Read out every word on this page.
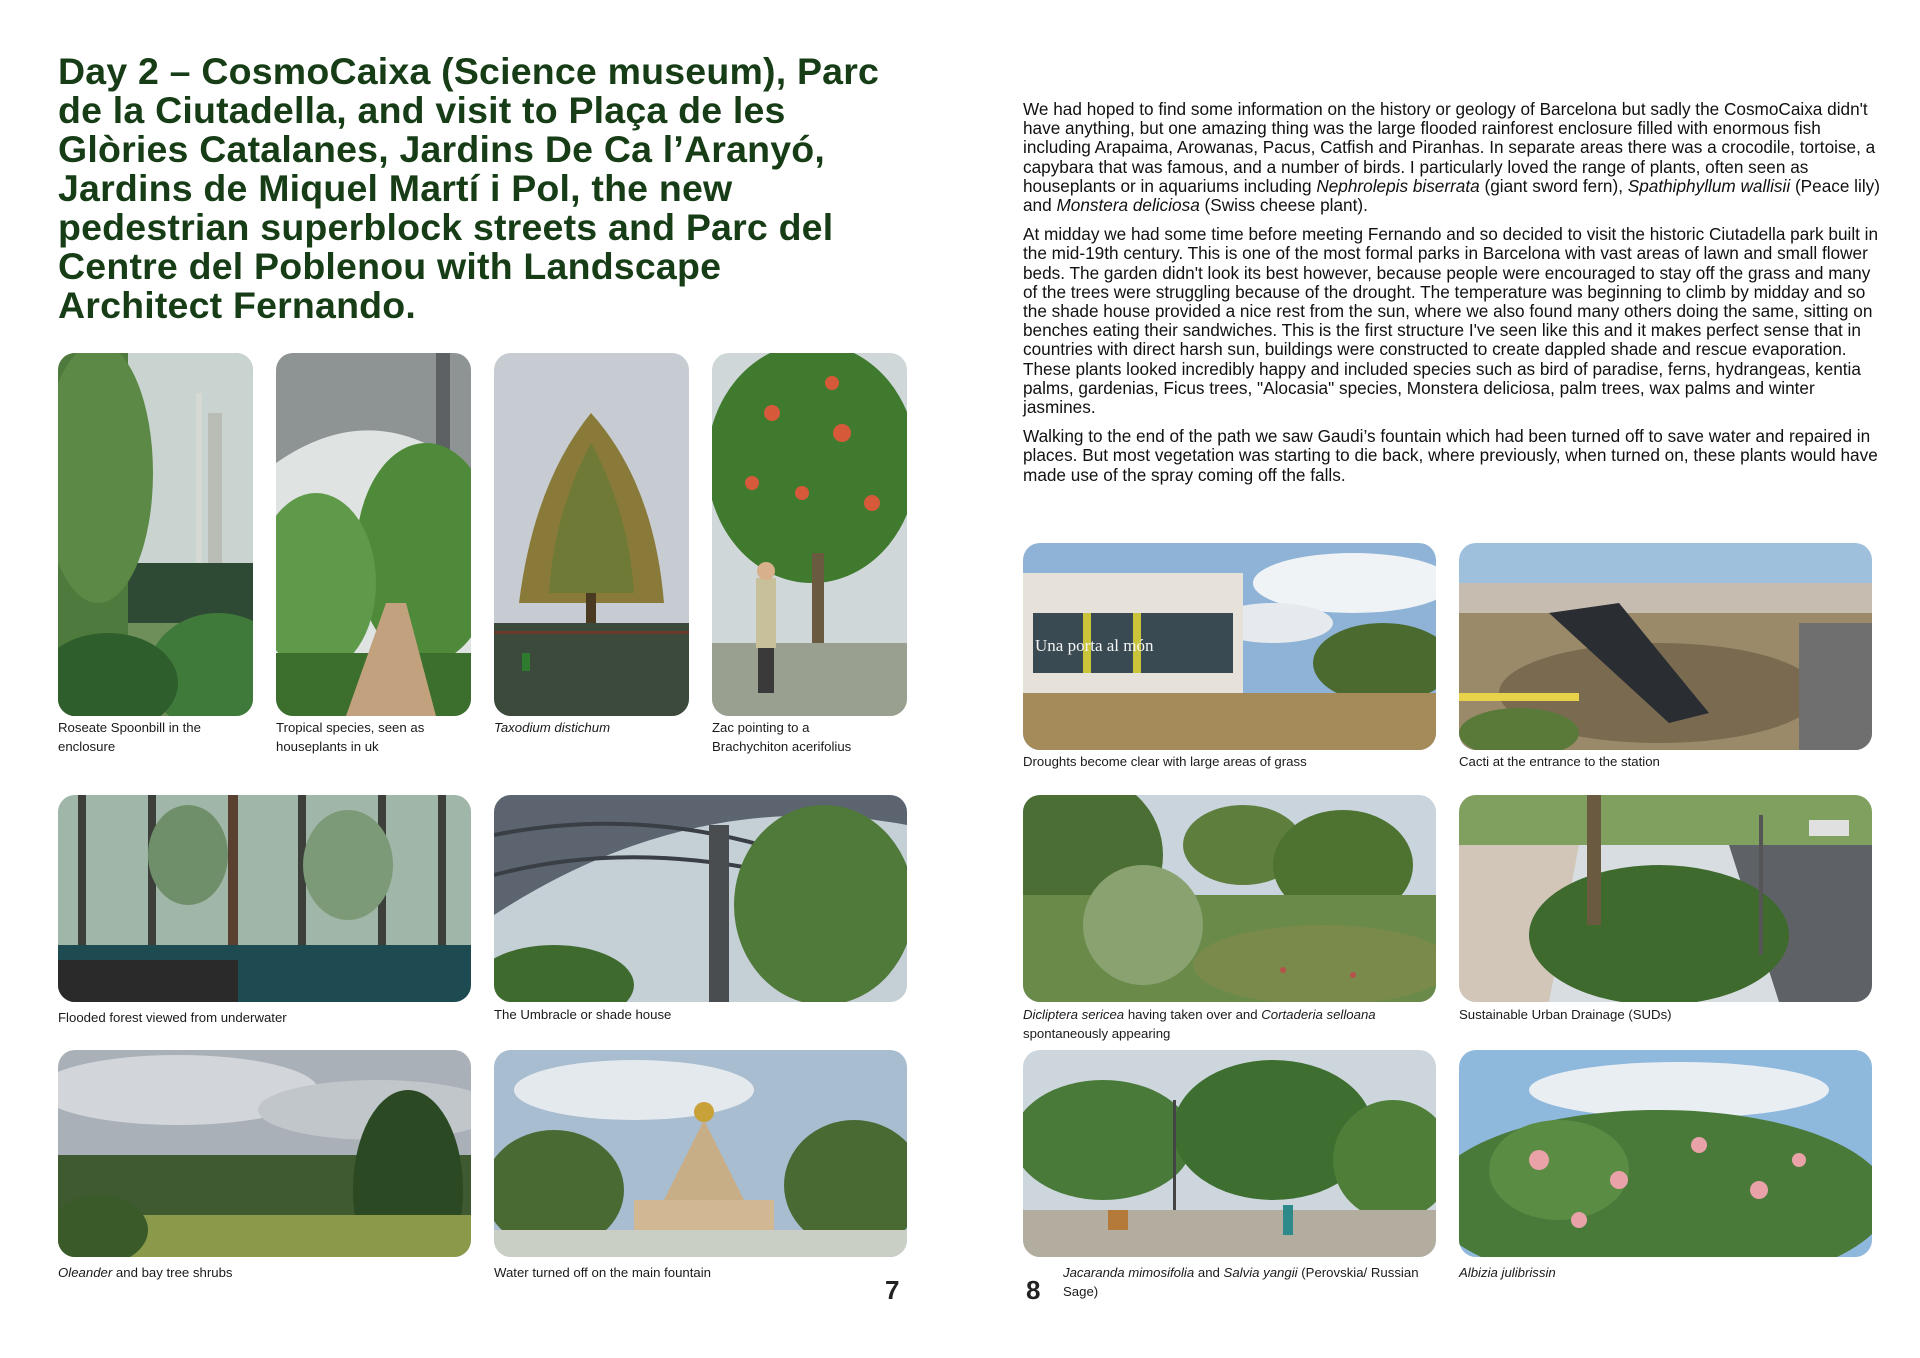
Day 2 – CosmoCaixa (Science museum), Parc de la Ciutadella, and visit to Plaça de les Glòries Catalanes, Jardins De Ca l’Aranyó, Jardins de Miquel Martí i Pol, the new pedestrian superblock streets and Parc del Centre del Poblenou with Landscape Architect Fernando.
Roseate Spoonbill in the enclosure
Tropical species, seen as houseplants in uk
Taxodium distichum	Zac pointing to a Brachychiton acerifolius
Flooded forest viewed from underwater	The Umbracle or shade house
Oleander and bay tree shrubs	Water turned off on the main fountain
7

We had hoped to find some information on the history or geology of Barcelona but sadly the CosmoCaixa didn't have anything, but one amazing thing was the large flooded rainforest enclosure filled with enormous fish including Arapaima, Arowanas, Pacus, Catfish and Piranhas. In separate areas there was a crocodile, tortoise, a capybara that was famous, and a number of birds. I particularly loved the range of plants, often seen as houseplants or in aquariums including Nephrolepis biserrata (giant sword fern), Spathiphyllum wallisii (Peace lily) and Monstera deliciosa (Swiss cheese plant).

At midday we had some time before meeting Fernando and so decided to visit the historic Ciutadella park built in the mid-19th century. This is one of the most formal parks in Barcelona with vast areas of lawn and small flower beds. The garden didn't look its best however, because people were encouraged to stay off the grass and many of the trees were struggling because of the drought. The temperature was beginning to climb by midday and so the shade house provided a nice rest from the sun, where we also found many others doing the same, sitting on benches eating their sandwiches. This is the first structure I've seen like this and it makes perfect sense that in countries with direct harsh sun, buildings were constructed to create dappled shade and rescue evaporation. These plants looked incredibly happy and included species such as bird of paradise, ferns, hydrangeas, kentia palms, gardenias, Ficus trees, "Alocasia" species, Monstera deliciosa, palm trees, wax palms and winter jasmines.

Walking to the end of the path we saw Gaudi’s fountain which had been turned off to save water and repaired in places. But most vegetation was starting to die back, where previously, when turned on, these plants would have made use of the spray coming off the falls.

Una porta al món
Droughts become clear with large areas of grass	Cacti at the entrance to the station
Dicliptera sericea having taken over and Cortaderia selloana spontaneously appearing
Sustainable Urban Drainage (SUDs)
Jacaranda mimosifolia and Salvia yangii (Perovskia/ Russian Sage)
Albizia julibrissin
8
